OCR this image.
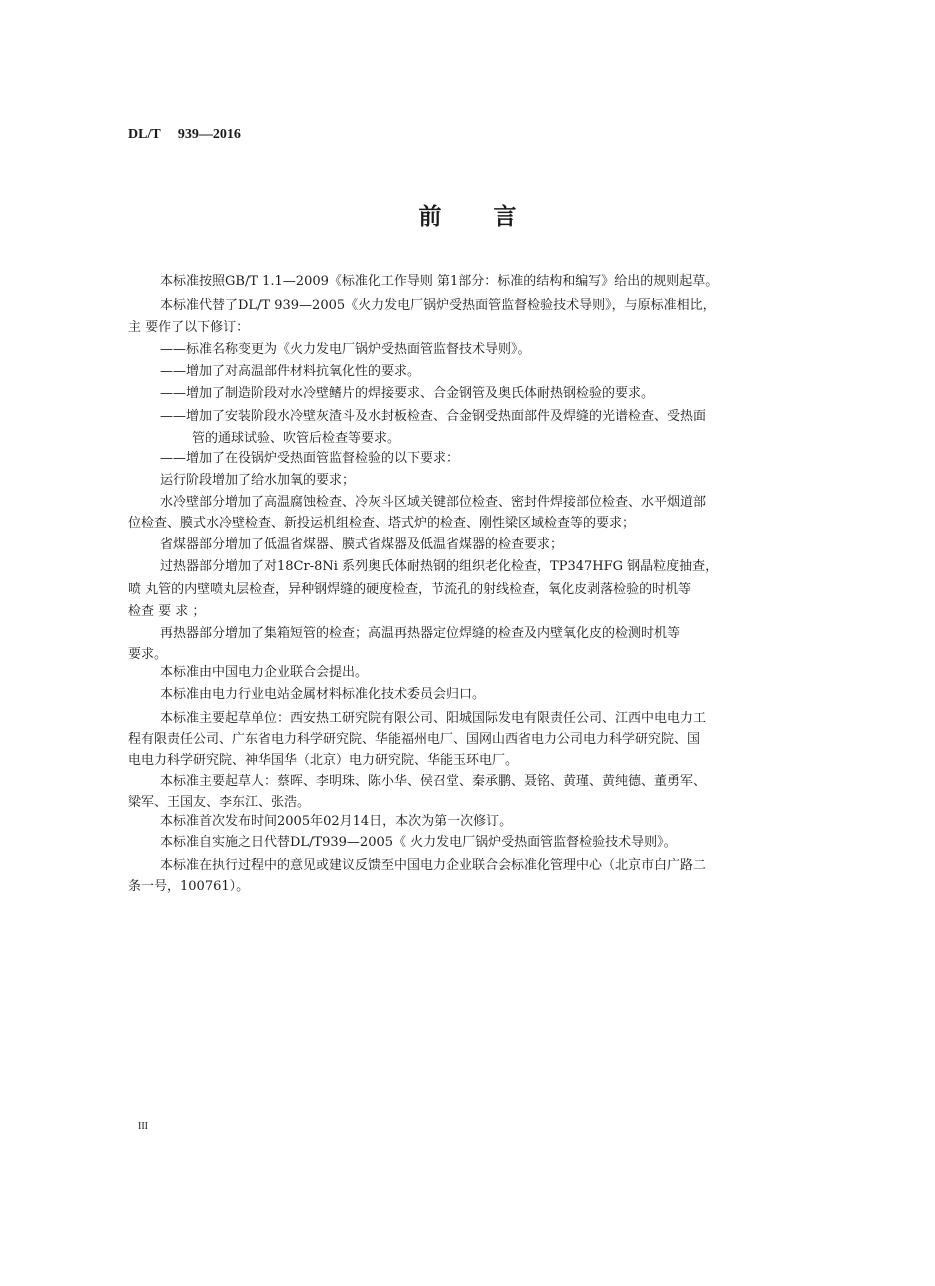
DL/T     939—2016
前 言
本标准按照GB/T 1.1—2009《标准化工作导则 第1部分：标准的结构和编写》给出的规则起草。
本标准代替了DL/T 939—2005《火力发电厂锅炉受热面管监督检验技术导则》，与原标准相比，
主 要作了以下修订：
——标准名称变更为《火力发电厂锅炉受热面管监督技术导则》。
——增加了对高温部件材料抗氧化性的要求。
——增加了制造阶段对水冷壁鳍片的焊接要求、合金钢管及奥氏体耐热钢检验的要求。
——增加了安装阶段水冷壁灰渣斗及水封板检查、合金钢受热面部件及焊缝的光谱检查、受热面
管的通球试验、吹管后检查等要求。
——增加了在役锅炉受热面管监督检验的以下要求：
运行阶段增加了给水加氧的要求；
水冷壁部分增加了高温腐蚀检查、冷灰斗区域关键部位检查、密封件焊接部位检查、水平烟道部
位检查、膜式水冷壁检查、新投运机组检查、塔式炉的检查、刚性梁区域检查等的要求；
省煤器部分增加了低温省煤器、膜式省煤器及低温省煤器的检查要求；
过热器部分增加了对18Cr-8Ni 系列奥氏体耐热钢的组织老化检查，TP347HFG 钢晶粒度抽查，
喷 丸管的内壁喷丸层检查，异种钢焊缝的硬度检查，节流孔的射线检查，氧化皮剥落检验的时机等
检查 要 求 ；
再热器部分增加了集箱短管的检查；高温再热器定位焊缝的检查及内壁氧化皮的检测时机等
要求。
本标准由中国电力企业联合会提出。
本标准由电力行业电站金属材料标准化技术委员会归口。
本标准主要起草单位：西安热工研究院有限公司、阳城国际发电有限责任公司、江西中电电力工
程有限责任公司、广东省电力科学研究院、华能福州电厂、国网山西省电力公司电力科学研究院、国
电电力科学研究院、神华国华（北京）电力研究院、华能玉环电厂。
本标准主要起草人：蔡晖、李明珠、陈小华、侯召堂、秦承鹏、聂铭、黄瑾、黄纯德、董勇军、
梁军、王国友、李东江、张浩。
本标准首次发布时间2005年02月14日，本次为第一次修订。
本标准自实施之日代替DL/T939—2005《 火力发电厂锅炉受热面管监督检验技术导则》。
本标准在执行过程中的意见或建议反馈至中国电力企业联合会标准化管理中心（北京市白广路二
条一号，100761）。
III
